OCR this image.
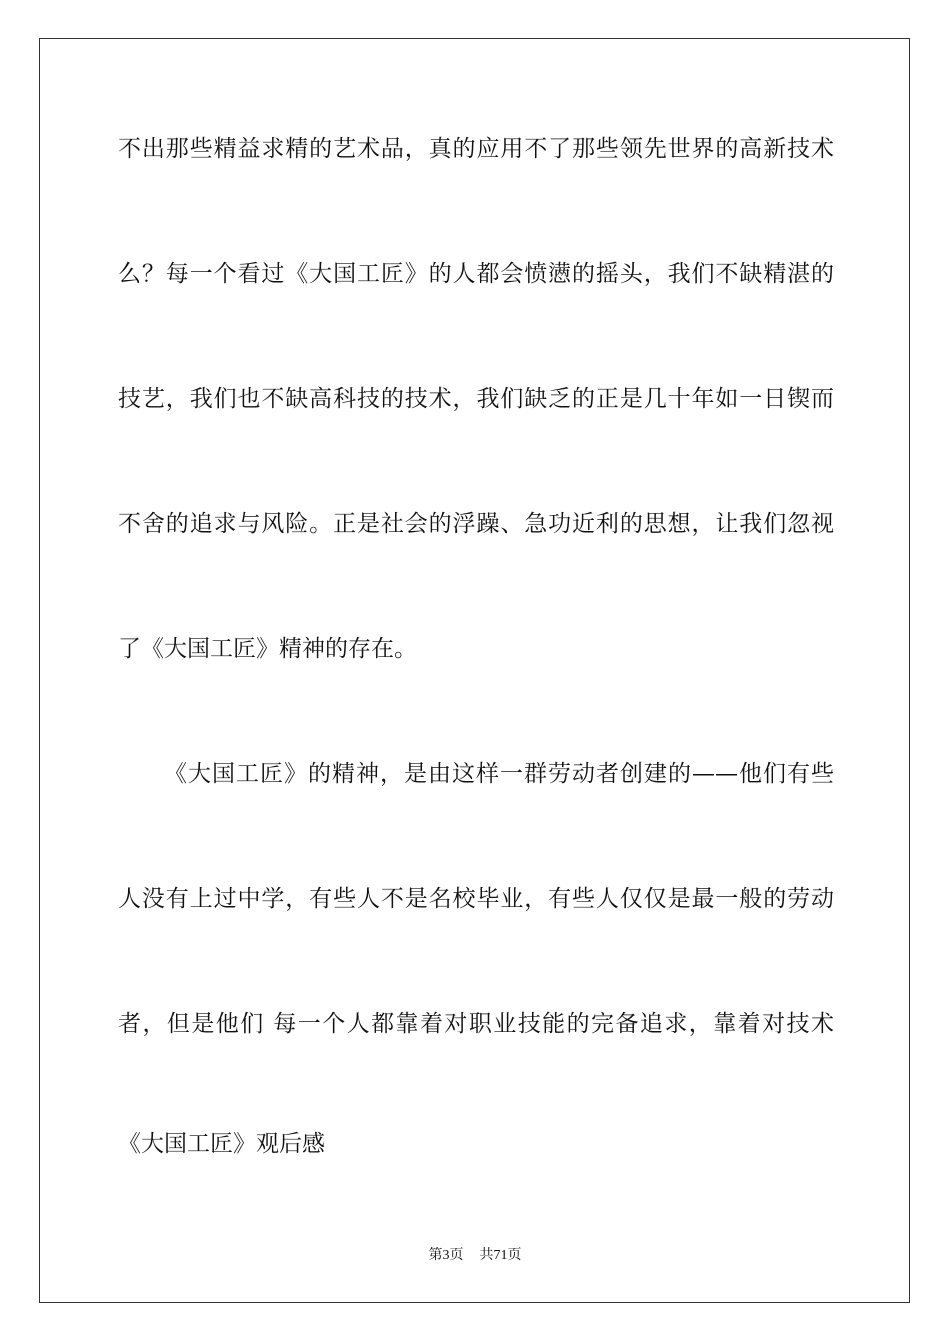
不出那些精益求精的艺术品，真的应用不了那些领先世界的高新技术
么？每一个看过《大国工匠》的人都会愤懑的摇头，我们不缺精湛的
技艺，我们也不缺高科技的技术，我们缺乏的正是几十年如一日锲而
不舍的追求与风险。正是社会的浮躁、急功近利的思想，让我们忽视
了《大国工匠》精神的存在。
《大国工匠》的精神，是由这样一群劳动者创建的——他们有些
人没有上过中学，有些人不是名校毕业，有些人仅仅是最一般的劳动
者，但是他们 每一个人都靠着对职业技能的完备追求，靠着对技术
《大国工匠》观后感
第3页 共71页
